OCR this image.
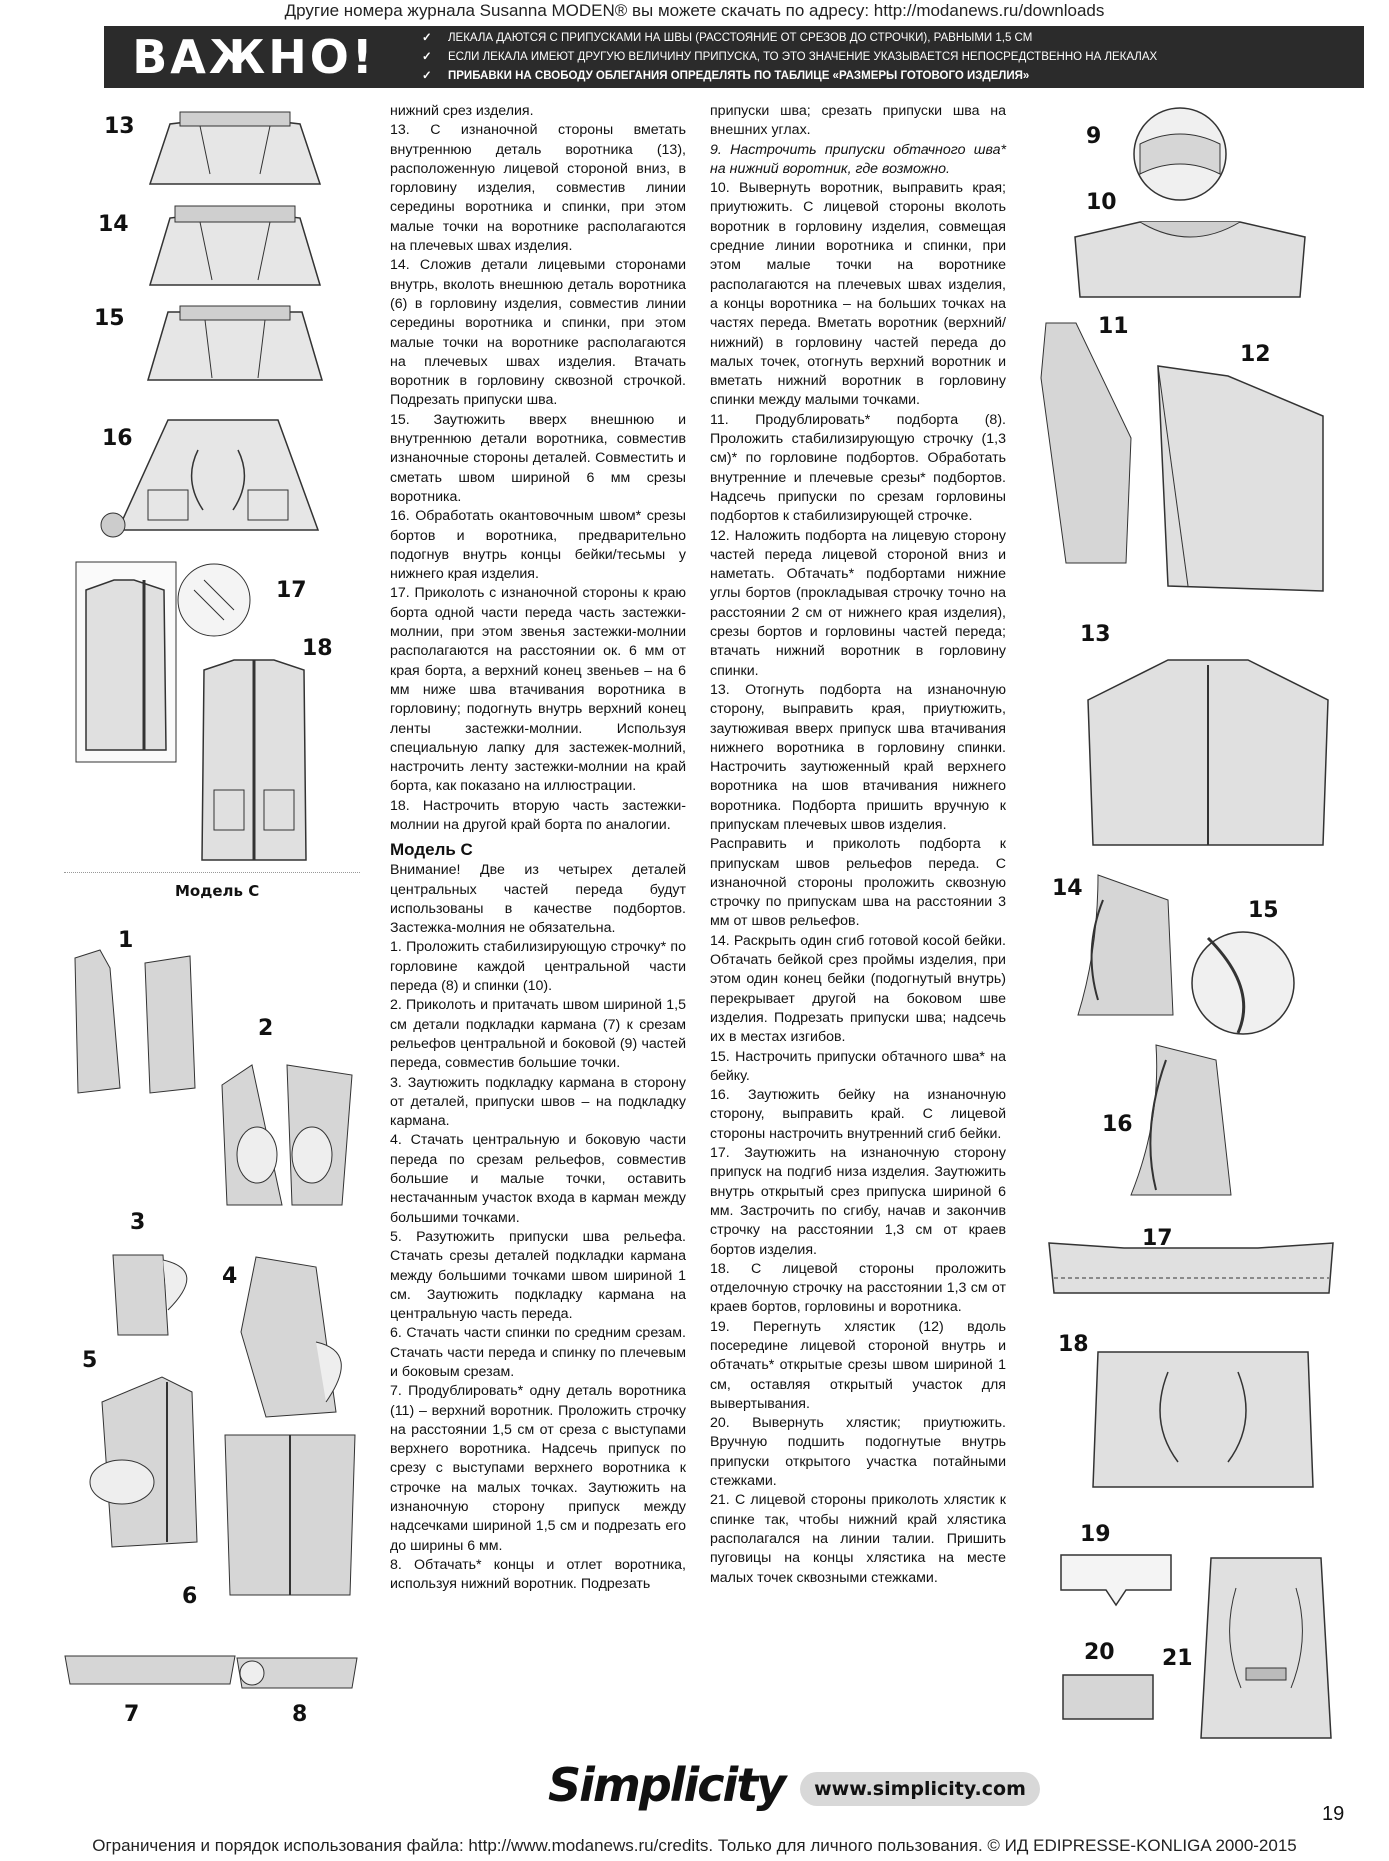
Другие номера журнала Susanna MODEN® вы можете скачать по адресу: http://modanews.ru/downloads
ВАЖНО!	✓ ЛЕКАЛА ДАЮТСЯ С ПРИПУСКАМИ НА ШВЫ (РАССТОЯНИЕ ОТ СРЕЗОВ ДО СТРОЧКИ), РАВНЫМИ 1,5 СМ
✓ ЕСЛИ ЛЕКАЛА ИМЕЮТ ДРУГУЮ ВЕЛИЧИНУ ПРИПУСКА, ТО ЭТО ЗНАЧЕНИЕ УКАЗЫВАЕТСЯ НЕПОСРЕДСТВЕННО НА ЛЕКАЛАХ
✓ ПРИБАВКИ НА СВОБОДУ ОБЛЕГАНИЯ ОПРЕДЕЛЯТЬ ПО ТАБЛИЦЕ «РАЗМЕРЫ ГОТОВОГО ИЗДЕЛИЯ»
13
14
15
16
17
18
Модель C
1
2
3
4
5
6
7	8

нижний срез изделия.

13. С изнаночной стороны вметать внутреннюю деталь воротника (13), расположенную лицевой стороной вниз, в горловину изделия, совместив линии середины воротника и спинки, при этом малые точки на воротнике располагаются на плечевых швах изделия.

14. Сложив детали лицевыми сторонами внутрь, вколоть внешнюю деталь воротника (6) в горловину изделия, совместив линии середины воротника и спинки, при этом малые точки на воротнике располагаются на плечевых швах изделия. Втачать воротник в горловину сквозной строчкой. Подрезать припуски шва.

15. Заутюжить вверх внешнюю и внутреннюю детали воротника, совместив изнаночные стороны деталей. Совместить и сметать швом шириной 6 мм срезы воротника.

16. Обработать окантовочным швом* срезы бортов и воротника, предварительно подогнув внутрь концы бейки/тесьмы у нижнего края изделия.

17. Приколоть с изнаночной стороны к краю борта одной части переда часть застежки-молнии, при этом звенья застежки-молнии располагаются на расстоянии ок. 6 мм от края борта, а верхний конец звеньев – на 6 мм ниже шва втачивания воротника в горловину; подогнуть внутрь верхний конец ленты застежки-молнии. Используя специальную лапку для застежек-молний, настрочить ленту застежки-молнии на край борта, как показано на иллюстрации.

18. Настрочить вторую часть застежки-молнии на другой край борта по аналогии.

Модель C

Внимание! Две из четырех деталей центральных частей переда будут использованы в качестве подбортов. Застежка-молния не обязательна.

1. Проложить стабилизирующую строчку* по горловине каждой центральной части переда (8) и спинки (10).

2. Приколоть и притачать швом шириной 1,5 см детали подкладки кармана (7) к срезам рельефов центральной и боковой (9) частей переда, совместив большие точки.

3. Заутюжить подкладку кармана в сторону от деталей, припуски швов – на подкладку кармана.

4. Стачать центральную и боковую части переда по срезам рельефов, совместив большие и малые точки, оставить нестачанным участок входа в карман между большими точками.

5. Разутюжить припуски шва рельефа. Стачать срезы деталей подкладки кармана между большими точками швом шириной 1 см. Заутюжить подкладку кармана на центральную часть переда.

6. Стачать части спинки по средним срезам. Стачать части переда и спинку по плечевым и боковым срезам.

7. Продублировать* одну деталь воротника (11) – верхний воротник. Проложить строчку на расстоянии 1,5 см от среза с выступами верхнего воротника. Надсечь припуск по срезу с выступами верхнего воротника к строчке на малых точках. Заутюжить на изнаночную сторону припуск между надсечками шириной 1,5 см и подрезать его до ширины 6 мм.

8. Обтачать* концы и отлет воротника, используя нижний воротник. Подрезать

припуски шва; срезать припуски шва на внешних углах.

9. Настрочить припуски обтачного шва* на нижний воротник, где возможно.

10. Вывернуть воротник, выправить края; приутюжить. С лицевой стороны вколоть воротник в горловину изделия, совмещая средние линии воротника и спинки, при этом малые точки на воротнике располагаются на плечевых швах изделия, а концы воротника – на больших точках на частях переда. Вметать воротник (верхний/нижний) в горловину частей переда до малых точек, отогнуть верхний воротник и вметать нижний воротник в горловину спинки между малыми точками.

11. Продублировать* подборта (8). Проложить стабилизирующую строчку (1,3 см)* по горловине подбортов. Обработать внутренние и плечевые срезы* подбортов. Надсечь припуски по срезам горловины подбортов к стабилизирующей строчке.

12. Наложить подборта на лицевую сторону частей переда лицевой стороной вниз и наметать. Обтачать* подбортами нижние углы бортов (прокладывая строчку точно на расстоянии 2 см от нижнего края изделия), срезы бортов и горловины частей переда; втачать нижний воротник в горловину спинки.

13. Отогнуть подборта на изнаночную сторону, выправить края, приутюжить, заутюживая вверх припуск шва втачивания нижнего воротника в горловину спинки. Настрочить заутюженный край верхнего воротника на шов втачивания нижнего воротника. Подборта пришить вручную к припускам плечевых швов изделия.

Расправить и приколоть подборта к припускам швов рельефов переда. С изнаночной стороны проложить сквозную строчку по припускам шва на расстоянии 3 мм от швов рельефов.

14. Раскрыть один сгиб готовой косой бейки. Обтачать бейкой срез проймы изделия, при этом один конец бейки (подогнутый внутрь) перекрывает другой на боковом шве изделия. Подрезать припуски шва; надсечь их в местах изгибов.

15. Настрочить припуски обтачного шва* на бейку.

16. Заутюжить бейку на изнаночную сторону, выправить край. С лицевой стороны настрочить внутренний сгиб бейки.

17. Заутюжить на изнаночную сторону припуск на подгиб низа изделия. Заутюжить внутрь открытый срез припуска шириной 6 мм. Застрочить по сгибу, начав и закончив строчку на расстоянии 1,3 см от краев бортов изделия.

18. С лицевой стороны проложить отделочную строчку на расстоянии 1,3 см от краев бортов, горловины и воротника.

19. Перегнуть хлястик (12) вдоль посередине лицевой стороной внутрь и обтачать* открытые срезы швом шириной 1 см, оставляя открытый участок для вывертывания.

20. Вывернуть хлястик; приутюжить. Вручную подшить подогнутые внутрь припуски открытого участка потайными стежками.

21. С лицевой стороны приколоть хлястик к спинке так, чтобы нижний край хлястика располагался на линии талии. Пришить пуговицы на концы хлястика на месте малых точек сквозными стежками.

9
10
11
12
13
14
15
16
17
18
19
20 21
Simplicity	www.simplicity.com
19
Ограничения и порядок использования файла: http://www.modanews.ru/credits. Только для личного пользования. © ИД EDIPRESSE-KONLIGA 2000-2015
